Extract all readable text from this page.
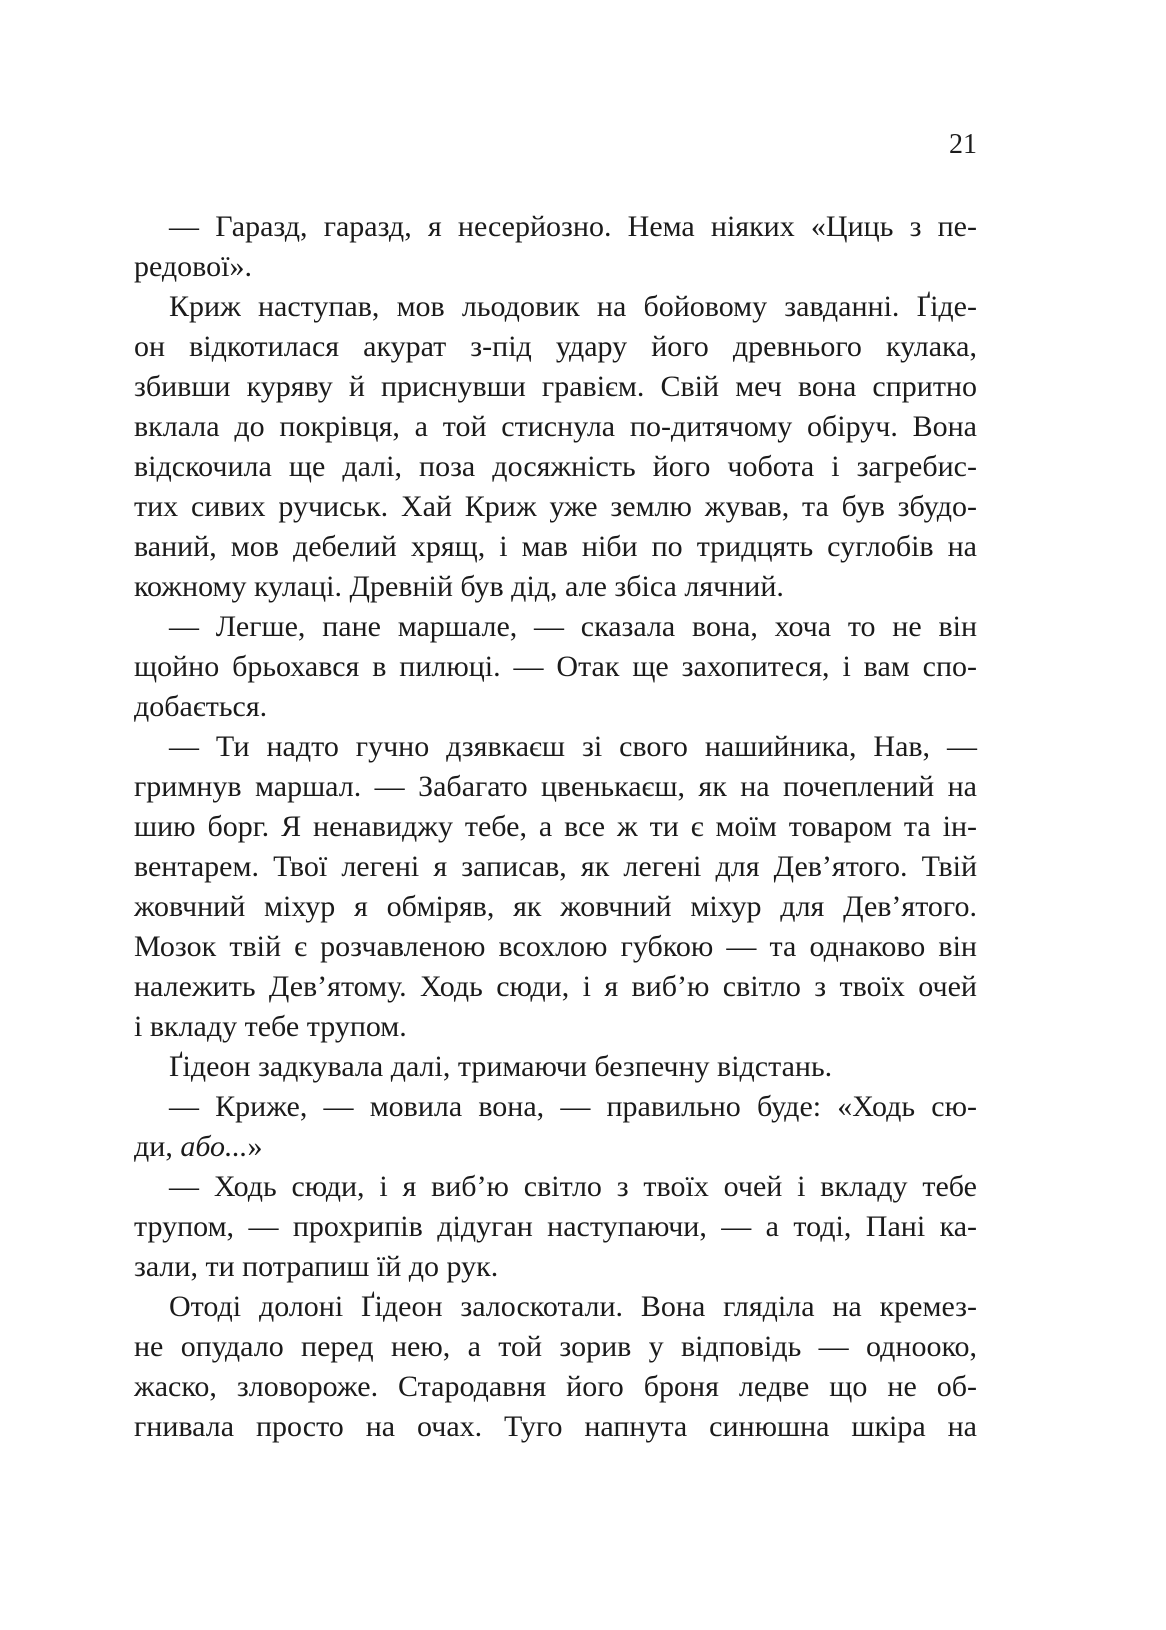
21
— Гаразд, гаразд, я несерйозно. Нема ніяких «Циць з пе-
редової».
Криж наступав, мов льодовик на бойовому завданні. Ґіде-
он відкотилася акурат з-під удару його древнього кулака,
збивши куряву й приснувши гравієм. Свій меч вона спритно
вклала до покрівця, а той стиснула по-дитячому обіруч. Вона
відскочила ще далі, поза досяжність його чобота і загребис-
тих сивих ручиськ. Хай Криж уже землю жував, та був збудо-
ваний, мов дебелий хрящ, і мав ніби по тридцять суглобів на
кожному кулаці. Древній був дід, але збіса лячний.
— Легше, пане маршале, — сказала вона, хоча то не він
щойно брьохався в пилюці. — Отак ще захопитеся, і вам спо-
добається.
— Ти надто гучно дзявкаєш зі свого нашийника, Нав, —
гримнув маршал. — Забагато цвенькаєш, як на почеплений на
шию борг. Я ненавиджу тебе, а все ж ти є моїм товаром та ін-
вентарем. Твої легені я записав, як легені для Дев’ятого. Твій
жовчний міхур я обміряв, як жовчний міхур для Дев’ятого.
Мозок твій є розчавленою всохлою губкою — та однаково він
належить Дев’ятому. Ходь сюди, і я виб’ю світло з твоїх очей
і вкладу тебе трупом.
Ґідеон задкувала далі, тримаючи безпечну відстань.
— Криже, — мовила вона, — правильно буде: «Ходь сю-
ди, або...»
— Ходь сюди, і я виб’ю світло з твоїх очей і вкладу тебе
трупом, — прохрипів дідуган наступаючи, — а тоді, Пані ка-
зали, ти потрапиш їй до рук.
Отоді долоні Ґідеон залоскотали. Вона гляділа на кремез-
не опудало перед нею, а той зорив у відповідь — однооко,
жаско, зловороже. Стародавня його броня ледве що не об-
гнивала просто на очах. Туго напнута синюшна шкіра на
